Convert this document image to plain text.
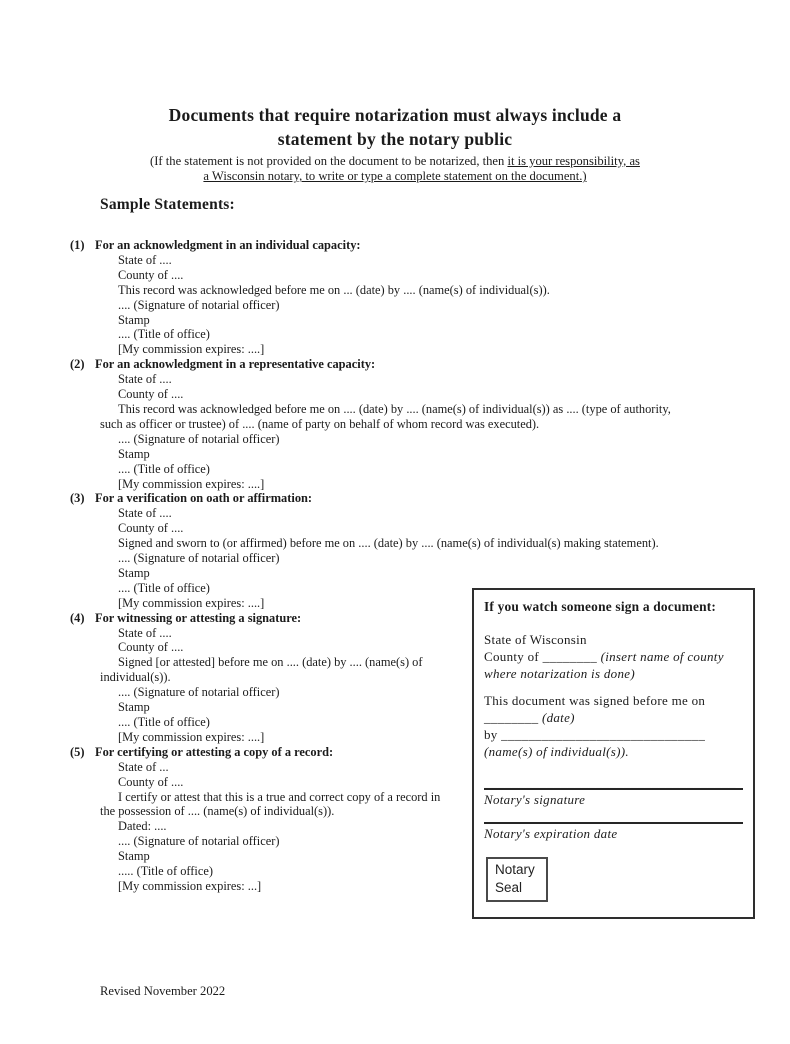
Documents that require notarization must always include a
statement by the notary public

(If the statement is not provided on the document to be notarized, then it is your responsibility, as
a Wisconsin notary, to write or type a complete statement on the document.)

Sample Statements:
(1) For an acknowledgment in an individual capacity:
State of ....
County of ....
This record was acknowledged before me on ... (date) by .... (name(s) of individual(s)).
.... (Signature of notarial officer)
Stamp
.... (Title of office)
[My commission expires: ....]
(2) For an acknowledgment in a representative capacity:
State of ....
County of ....
This record was acknowledged before me on .... (date) by .... (name(s) of individual(s)) as .... (type of authority,
such as officer or trustee) of .... (name of party on behalf of whom record was executed).
.... (Signature of notarial officer)
Stamp
.... (Title of office)
[My commission expires: ....]
(3) For a verification on oath or affirmation:
State of ....
County of ....
Signed and sworn to (or affirmed) before me on .... (date) by .... (name(s) of individual(s) making statement).
.... (Signature of notarial officer)
Stamp
.... (Title of office)
[My commission expires: ....]
(4) For witnessing or attesting a signature:
State of ....
County of ....
Signed [or attested] before me on .... (date) by .... (name(s) of
individual(s)).
.... (Signature of notarial officer)
Stamp
.... (Title of office)
[My commission expires: ....]
(5) For certifying or attesting a copy of a record:
State of ...
County of ....
I certify or attest that this is a true and correct copy of a record in
the possession of .... (name(s) of individual(s)).
Dated: ....
.... (Signature of notarial officer)
Stamp
..... (Title of office)
[My commission expires: ...]
If you watch someone sign a document:
State of Wisconsin
County of ________ (insert name of county
where notarization is done)
This document was signed before me on
________ (date)
by ______________________________
(name(s) of individual(s)).
____________________________________
Notary's signature
Notary's expiration date
Notary
Seal
Revised November 2022
